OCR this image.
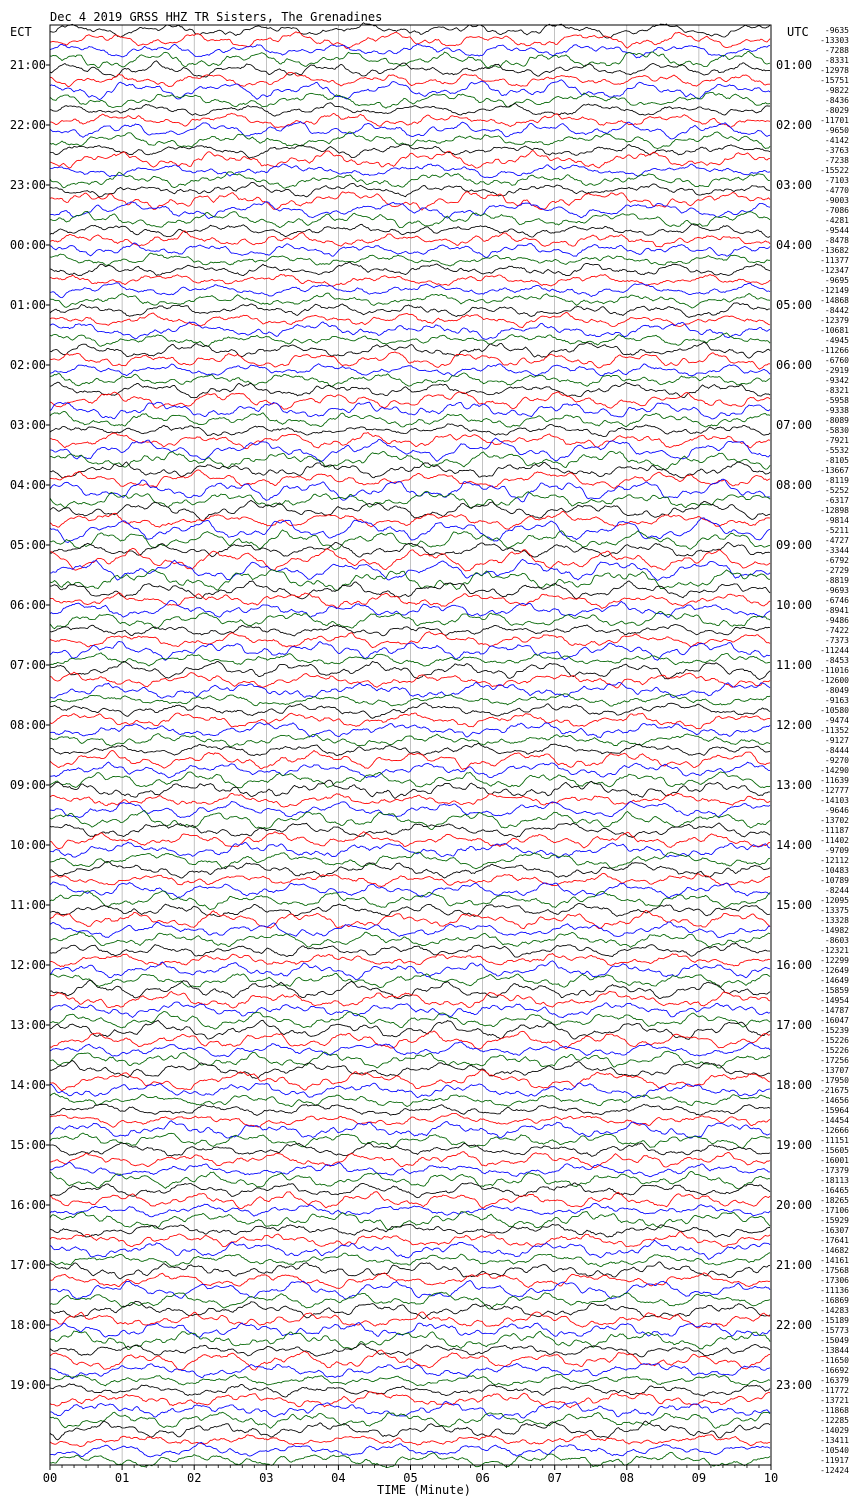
Dec 4 2019 GRSS HHZ TR Sisters, The Grenadines
ECT	UTC
21:00
22:00
23:00
00:00
01:00
02:00
03:00
04:00
05:00
06:00
07:00
08:00
09:00
10:00
11:00
12:00
13:00
14:00
15:00
16:00
17:00
18:00
19:00
01:00
02:00
03:00
04:00
05:00
06:00
07:00
08:00
09:00
10:00
11:00
12:00
13:00
14:00
15:00
16:00
17:00
18:00
19:00
20:00
21:00
22:00
23:00
-9635
-13303
-7288
-8331
-12978
-15751
-9822
-8436
-8029
-11701
-9650
-4142
-3763
-7238
-15522
-7103
-4770
-9003
-7086
-4281
-9544
-8478
-13682
-11377
-12347
-9695
-12149
-14868
-8442
-12379
-10681
-4945
-11266
-6760
-2919
-9342
-8321
-5958
-9338
-8089
-5830
-7921
-5532
-8105
-13667
-8119
-5252
-6317
-12898
-9814
-5211
-4727
-3344
-6792
-2729
-8819
-9693
-6746
-8941
-9486
-7422
-7373
-11244
-8453
-11016
-12600
-8049
-9163
-10580
-9474
-11352
-9127
-8444
-9270
-14290
-11639
-12777
-14103
-9646
-13702
-11187
-11402
-9709
-12112
-10483
-10789
-8244
-12095
-13375
-13328
-14982
-8603
-12321
-12299
-12649
-14649
-15859
-14954
-14787
-16047
-15239
-15226
-15226
-17256
-13707
-17950
-21675
-14656
-15964
-14454
-12666
-11151
-15605
-16001
-17379
-18113
-16465
-18265
-17106
-15929
-16307
-17641
-14682
-14161
-17568
-17306
-11136
-16869
-14283
-15189
-15773
-15049
-13844
-11650
-16692
-16379
-11772
-13721
-11868
-12285
-14029
-13411
-10540
-11917
-12424
00	01	02	03	04	05	06	07	08	09	10
TIME (Minute)
